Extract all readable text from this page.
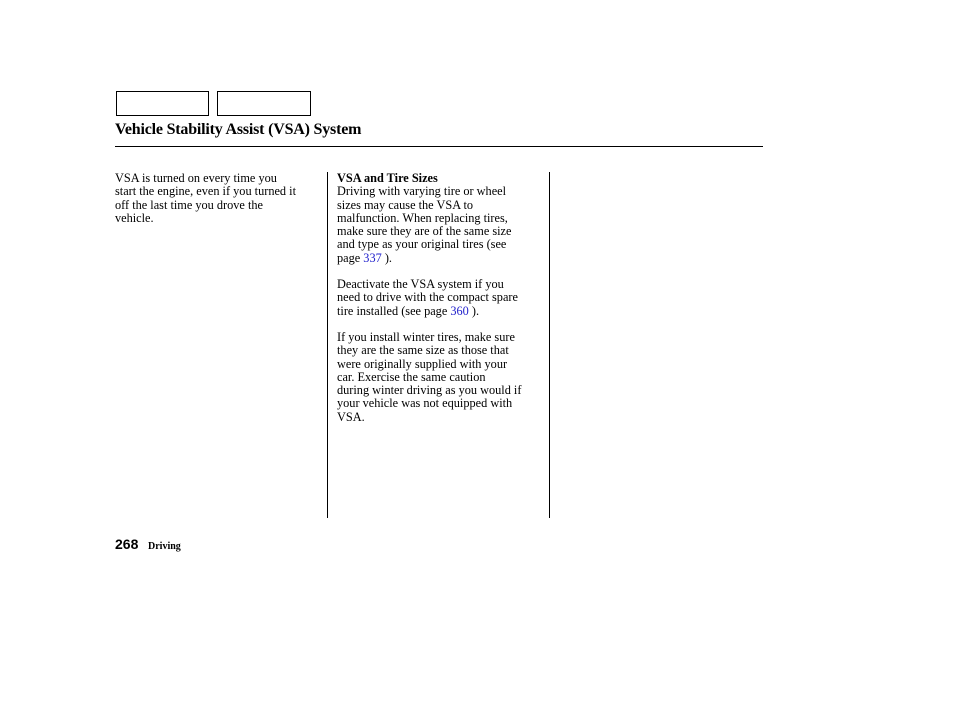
Vehicle Stability Assist (VSA) System

VSA is turned on every time you
start the engine, even if you turned it
off the last time you drove the
vehicle.

VSA and Tire Sizes

Driving with varying tire or wheel
sizes may cause the VSA to
malfunction. When replacing tires,
make sure they are of the same size
and type as your original tires (see
page 337 ).

Deactivate the VSA system if you
need to drive with the compact spare
tire installed (see page 360 ).

If you install winter tires, make sure
they are the same size as those that
were originally supplied with your
car. Exercise the same caution
during winter driving as you would if
your vehicle was not equipped with
VSA.

268 Driving
